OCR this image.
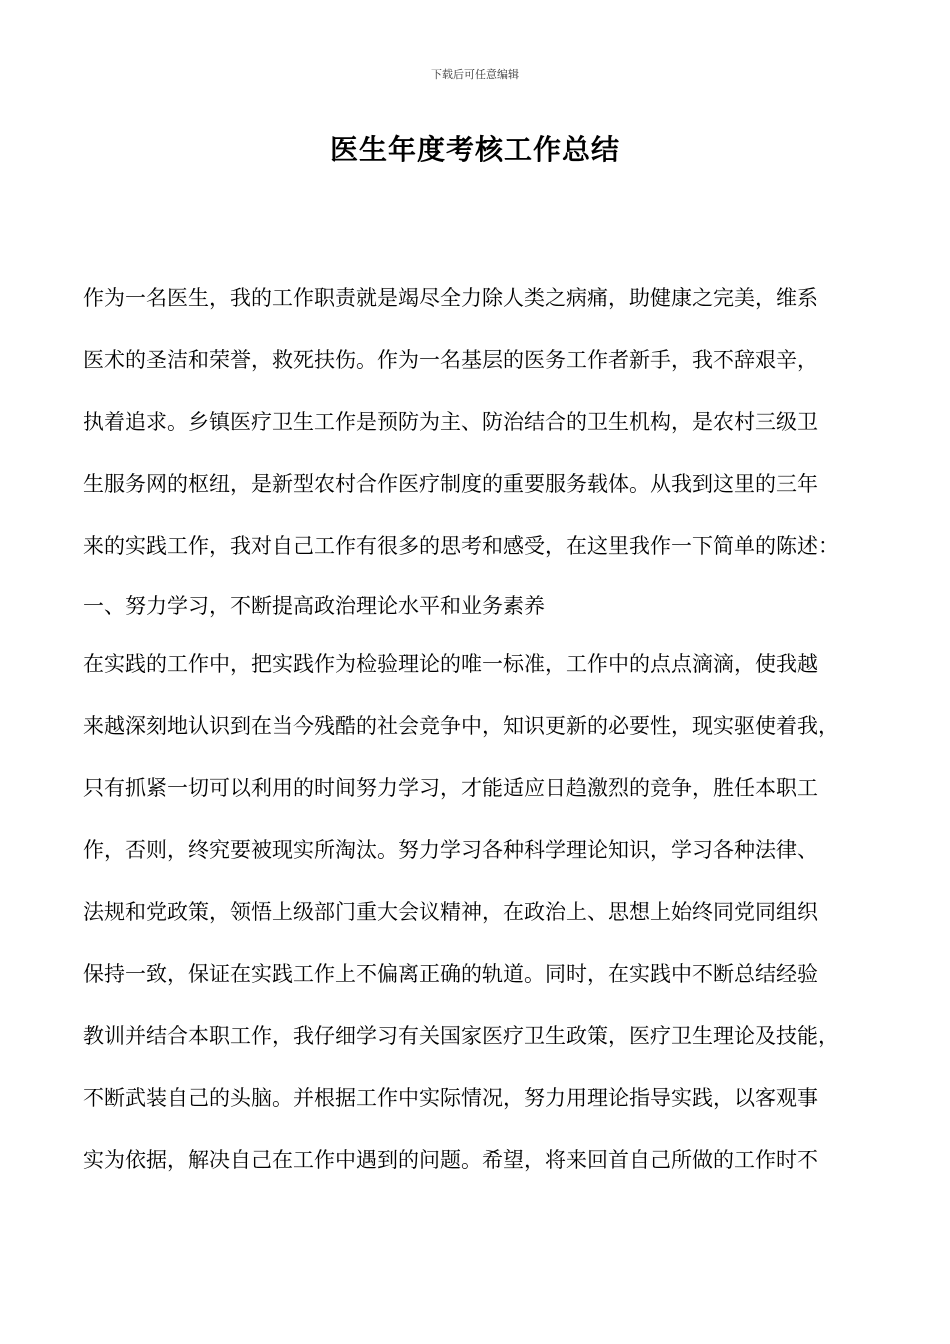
下载后可任意编辑
医生年度考核工作总结
作为一名医生，我的工作职责就是竭尽全力除人类之病痛，助健康之完美，维系
医术的圣洁和荣誉，救死扶伤。作为一名基层的医务工作者新手，我不辞艰辛，
执着追求。乡镇医疗卫生工作是预防为主、防治结合的卫生机构，是农村三级卫
生服务网的枢纽，是新型农村合作医疗制度的重要服务载体。从我到这里的三年
来的实践工作，我对自己工作有很多的思考和感受，在这里我作一下简单的陈述：
一、努力学习，不断提高政治理论水平和业务素养
在实践的工作中，把实践作为检验理论的唯一标准，工作中的点点滴滴，使我越
来越深刻地认识到在当今残酷的社会竞争中，知识更新的必要性，现实驱使着我，
只有抓紧一切可以利用的时间努力学习，才能适应日趋激烈的竞争，胜任本职工
作，否则，终究要被现实所淘汰。努力学习各种科学理论知识，学习各种法律、
法规和党政策，领悟上级部门重大会议精神，在政治上、思想上始终同党同组织
保持一致，保证在实践工作上不偏离正确的轨道。同时，在实践中不断总结经验
教训并结合本职工作，我仔细学习有关国家医疗卫生政策，医疗卫生理论及技能，
不断武装自己的头脑。并根据工作中实际情况，努力用理论指导实践，以客观事
实为依据，解决自己在工作中遇到的问题。希望，将来回首自己所做的工作时不
